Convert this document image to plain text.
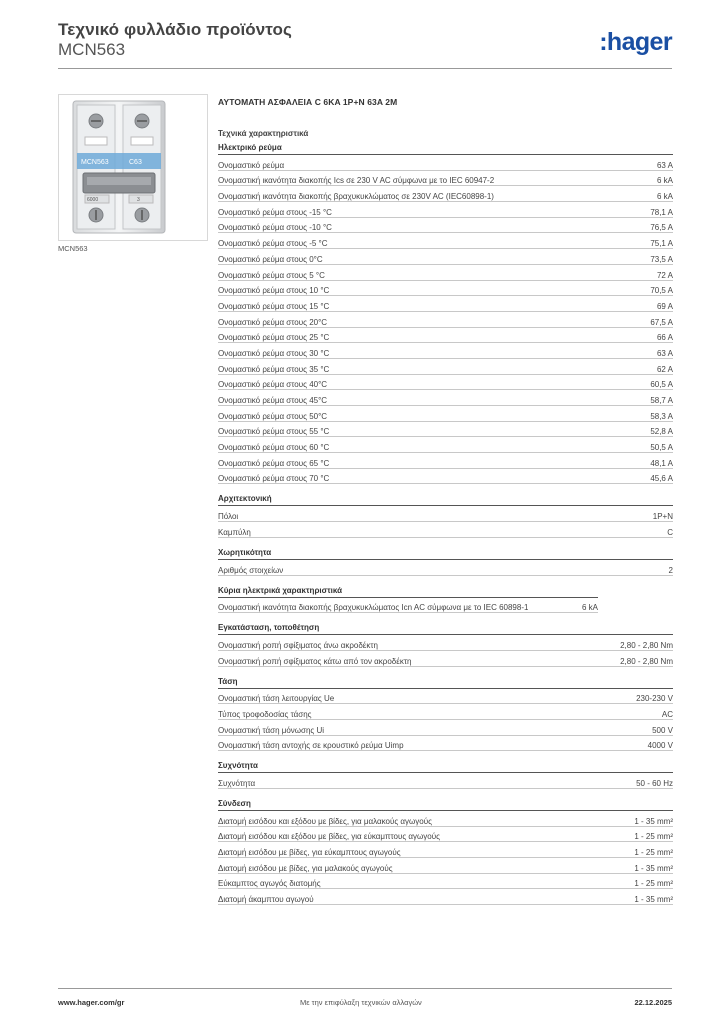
Τεχνικό φυλλάδιο προϊόντος
MCN563	:hager
MCN563	C63
6000	3
MCN563
ΑΥΤΟΜΑΤΗ ΑΣΦΑΛΕΙΑ C 6KA 1P+N 63A 2M
Τεχνικά χαρακτηριστικά
Ηλεκτρικό ρεύμα
Ονομαστικό ρεύμα	63 A
Ονομαστική ικανότητα διακοπής Ics σε 230 V AC σύμφωνα με το IEC 60947-2	6 kA
Ονομαστική ικανότητα διακοπής βραχυκυκλώματος σε 230V AC (IEC60898-1)	6 kA
Ονομαστικό ρεύμα στους -15 °C	78,1 A
Ονομαστικό ρεύμα στους -10 °C	76,5 A
Ονομαστικό ρεύμα στους -5 °C	75,1 A
Ονομαστικό ρεύμα στους 0°C	73,5 A
Ονομαστικό ρεύμα στους 5 °C	72 A
Ονομαστικό ρεύμα στους 10 °C	70,5 A
Ονομαστικό ρεύμα στους 15 °C	69 A
Ονομαστικό ρεύμα στους 20°C	67,5 A
Ονομαστικό ρεύμα στους 25 °C	66 A
Ονομαστικό ρεύμα στους 30 °C	63 A
Ονομαστικό ρεύμα στους 35 °C	62 A
Ονομαστικό ρεύμα στους 40°C	60,5 A
Ονομαστικό ρεύμα στους 45°C	58,7 A
Ονομαστικό ρεύμα στους 50°C	58,3 A
Ονομαστικό ρεύμα στους 55 °C	52,8 A
Ονομαστικό ρεύμα στους 60 °C	50,5 A
Ονομαστικό ρεύμα στους 65 °C	48,1 A
Ονομαστικό ρεύμα στους 70 °C	45,6 A
Αρχιτεκτονική
Πόλοι	1P+N
Καμπύλη	C
Χωρητικότητα
Αριθμός στοιχείων	2
Κύρια ηλεκτρικά χαρακτηριστικά
Ονομαστική ικανότητα διακοπής βραχυκυκλώματος Icn AC σύμφωνα με το IEC 60898-1	6 kA
Εγκατάσταση, τοποθέτηση
Ονομαστική ροπή σφίξιματος άνω ακροδέκτη	2,80 - 2,80 Nm
Ονομαστική ροπή σφίξιματος κάτω από τον ακροδέκτη	2,80 - 2,80 Nm
Τάση
Ονομαστική τάση λειτουργίας Ue	230-230 V
Τύπος τροφοδοσίας τάσης	AC
Ονομαστική τάση μόνωσης Ui	500 V
Ονομαστική τάση αντοχής σε κρουστικό ρεύμα Uimp	4000 V
Συχνότητα
Συχνότητα	50 - 60 Hz
Σύνδεση
Διατομή εισόδου και εξόδου με βίδες, για μαλακούς αγωγούς	1 - 35 mm²
Διατομή εισόδου και εξόδου με βίδες, για εύκαμπτους αγωγούς	1 - 25 mm²
Διατομή εισόδου με βίδες, για εύκαμπτους αγωγούς	1 - 25 mm²
Διατομή εισόδου με βίδες, για μαλακούς αγωγούς	1 - 35 mm²
Εύκαμπτος αγωγός διατομής	1 - 25 mm²
Διατομή άκαμπτου αγωγού	1 - 35 mm²
www.hager.com/gr	Με την επιφύλαξη τεχνικών αλλαγών	22.12.2025
